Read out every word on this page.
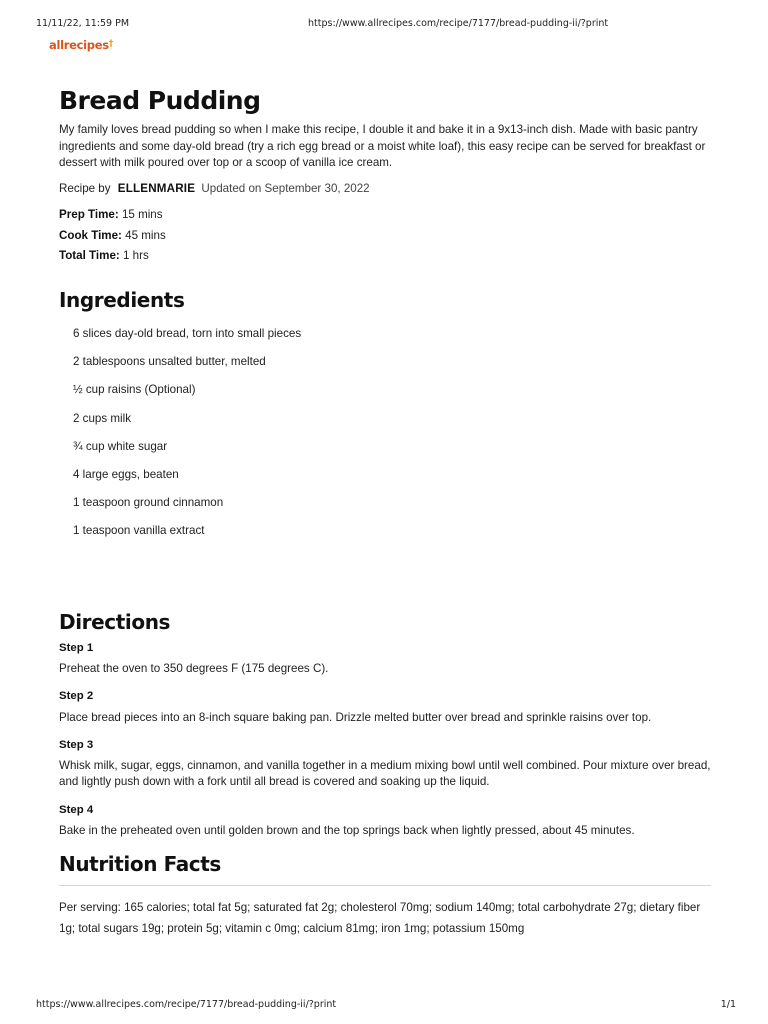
11/11/22, 11:59 PM	https://www.allrecipes.com/recipe/7177/bread-pudding-ii/?print
allrecipes†
Bread Pudding
My family loves bread pudding so when I make this recipe, I double it and bake it in a 9x13-inch dish. Made with basic pantry ingredients and some day-old bread (try a rich egg bread or a moist white loaf), this easy recipe can be served for breakfast or dessert with milk poured over top or a scoop of vanilla ice cream.
Recipe by ELLENMARIE Updated on September 30, 2022
Prep Time: 15 mins
Cook Time: 45 mins
Total Time: 1 hrs
Ingredients
6 slices day-old bread, torn into small pieces
2 tablespoons unsalted butter, melted
½ cup raisins (Optional)
2 cups milk
¾ cup white sugar
4 large eggs, beaten
1 teaspoon ground cinnamon
1 teaspoon vanilla extract
Directions
Step 1
Preheat the oven to 350 degrees F (175 degrees C).
Step 2
Place bread pieces into an 8-inch square baking pan. Drizzle melted butter over bread and sprinkle raisins over top.
Step 3
Whisk milk, sugar, eggs, cinnamon, and vanilla together in a medium mixing bowl until well combined. Pour mixture over bread, and lightly push down with a fork until all bread is covered and soaking up the liquid.
Step 4
Bake in the preheated oven until golden brown and the top springs back when lightly pressed, about 45 minutes.
Nutrition Facts
Per serving: 165 calories; total fat 5g; saturated fat 2g; cholesterol 70mg; sodium 140mg; total carbohydrate 27g; dietary fiber 1g; total sugars 19g; protein 5g; vitamin c 0mg; calcium 81mg; iron 1mg; potassium 150mg
https://www.allrecipes.com/recipe/7177/bread-pudding-ii/?print	1/1
